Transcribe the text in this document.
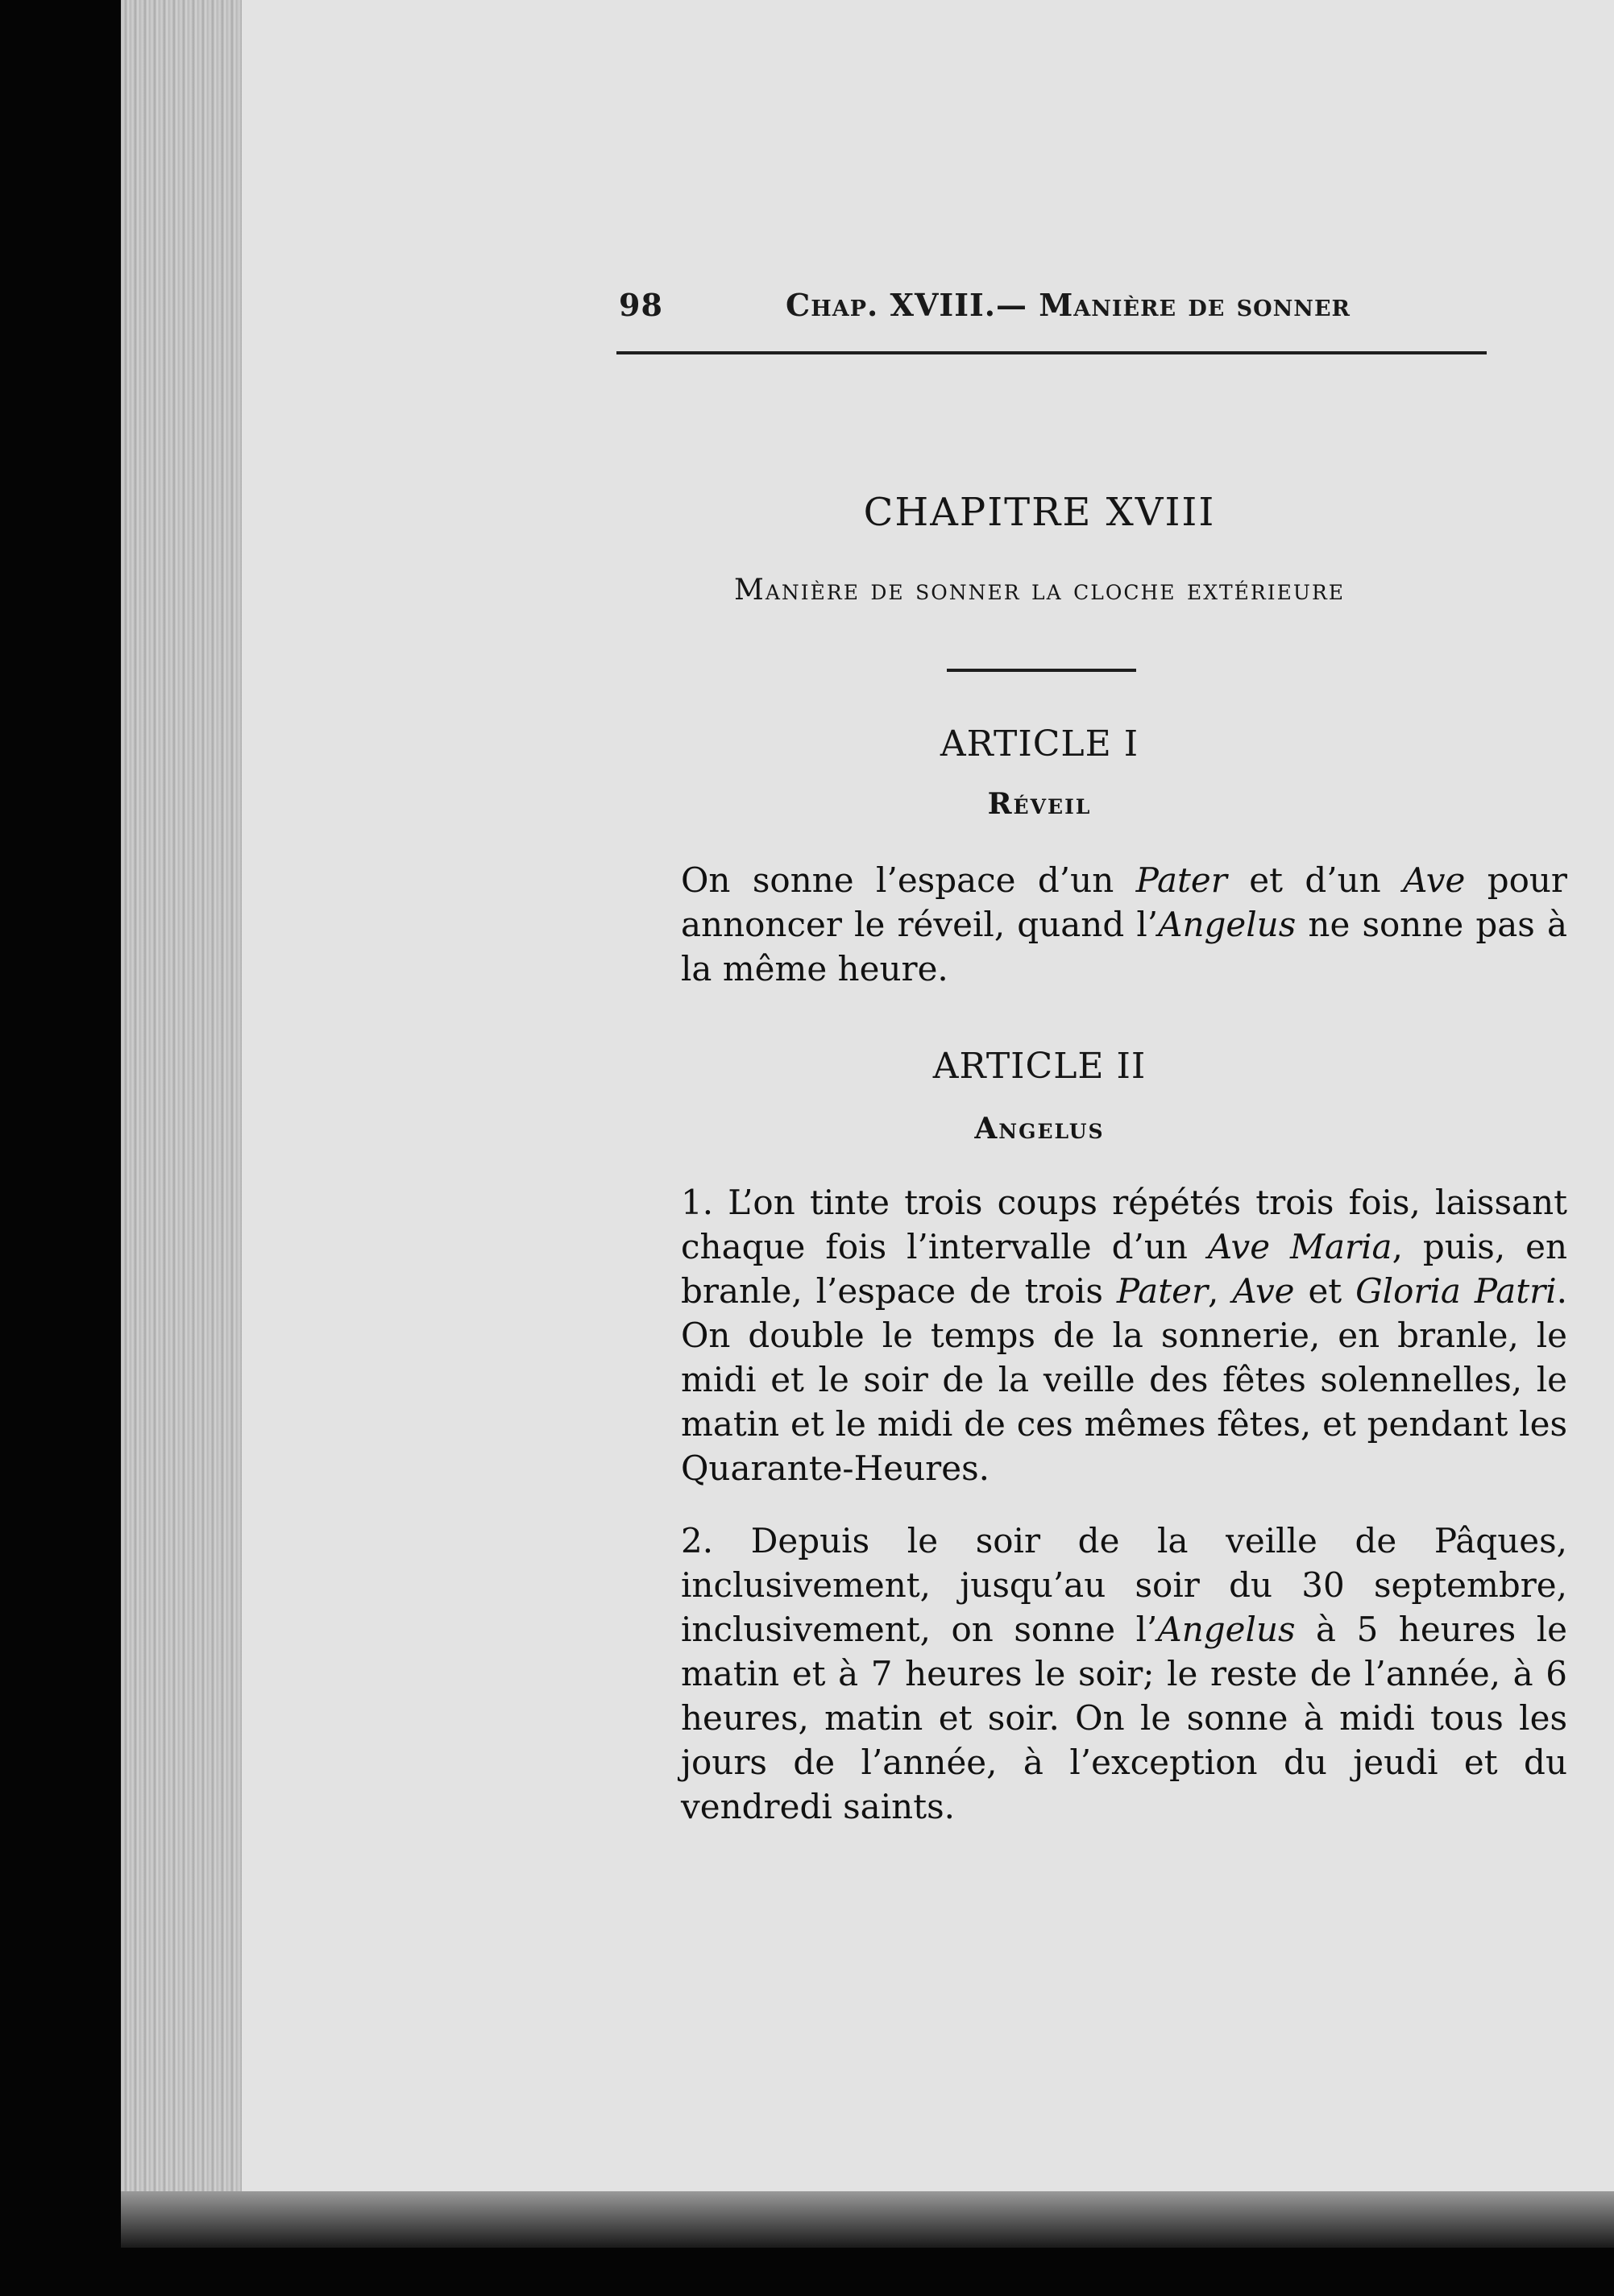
98	Chap. XVIII.— Manière de sonner
CHAPITRE XVIII
Manière de sonner la cloche extérieure
ARTICLE I
Réveil
On sonne l’espace d’un Pater et d’un Ave pour annoncer le réveil, quand l’Angelus ne sonne pas à la même heure.
ARTICLE II
Angelus
1. L’on tinte trois coups répétés trois fois, laissant chaque fois l’intervalle d’un Ave Maria, puis, en branle, l’espace de trois Pater, Ave et Gloria Patri. On double le temps de la sonnerie, en branle, le midi et le soir de la veille des fêtes solennelles, le matin et le midi de ces mêmes fêtes, et pendant les Quarante-Heures.
2. Depuis le soir de la veille de Pâques, inclusivement, jusqu’au soir du 30 septembre, inclusivement, on sonne l’Angelus à 5 heures le matin et à 7 heures le soir; le reste de l’année, à 6 heures, matin et soir. On le sonne à midi tous les jours de l’année, à l’exception du jeudi et du vendredi saints.
